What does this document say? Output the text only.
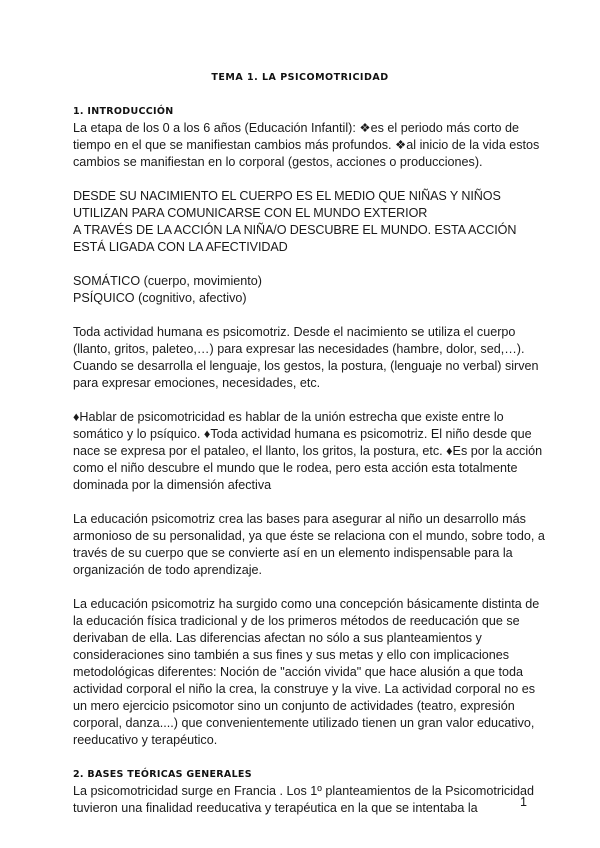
TEMA 1. LA PSICOMOTRICIDAD
1. INTRODUCCIÓN

La etapa de los 0 a los 6 años (Educación Infantil): ❖es el periodo más corto de
tiempo en el que se manifiestan cambios más profundos. ❖al inicio de la vida estos
cambios se manifiestan en lo corporal (gestos, acciones o producciones).

DESDE SU NACIMIENTO EL CUERPO ES EL MEDIO QUE NIÑAS Y NIÑOS
UTILIZAN PARA COMUNICARSE CON EL MUNDO EXTERIOR
A TRAVÉS DE LA ACCIÓN LA NIÑA/O DESCUBRE EL MUNDO. ESTA ACCIÓN
ESTÁ LIGADA CON LA AFECTIVIDAD

SOMÁTICO (cuerpo, movimiento)
PSÍQUICO (cognitivo, afectivo)

Toda actividad humana es psicomotriz. Desde el nacimiento se utiliza el cuerpo
(llanto, gritos, paleteo,…) para expresar las necesidades (hambre, dolor, sed,…).
Cuando se desarrolla el lenguaje, los gestos, la postura, (lenguaje no verbal) sirven
para expresar emociones, necesidades, etc.

♦Hablar de psicomotricidad es hablar de la unión estrecha que existe entre lo
somático y lo psíquico. ♦Toda actividad humana es psicomotriz. El niño desde que
nace se expresa por el pataleo, el llanto, los gritos, la postura, etc. ♦Es por la acción
como el niño descubre el mundo que le rodea, pero esta acción esta totalmente
dominada por la dimensión afectiva

La educación psicomotriz crea las bases para asegurar al niño un desarrollo más
armonioso de su personalidad, ya que éste se relaciona con el mundo, sobre todo, a
través de su cuerpo que se convierte así en un elemento indispensable para la
organización de todo aprendizaje.

La educación psicomotriz ha surgido como una concepción básicamente distinta de
la educación física tradicional y de los primeros métodos de reeducación que se
derivaban de ella. Las diferencias afectan no sólo a sus planteamientos y
consideraciones sino también a sus fines y sus metas y ello con implicaciones
metodológicas diferentes: Noción de "acción vivida" que hace alusión a que toda
actividad corporal el niño la crea, la construye y la vive. La actividad corporal no es
un mero ejercicio psicomotor sino un conjunto de actividades (teatro, expresión
corporal, danza....) que convenientemente utilizado tienen un gran valor educativo,
reeducativo y terapéutico.

2. BASES TEÓRICAS GENERALES

La psicomotricidad surge en Francia . Los 1º planteamientos de la Psicomotricidad
tuvieron una finalidad reeducativa y terapéutica en la que se intentaba la	1
